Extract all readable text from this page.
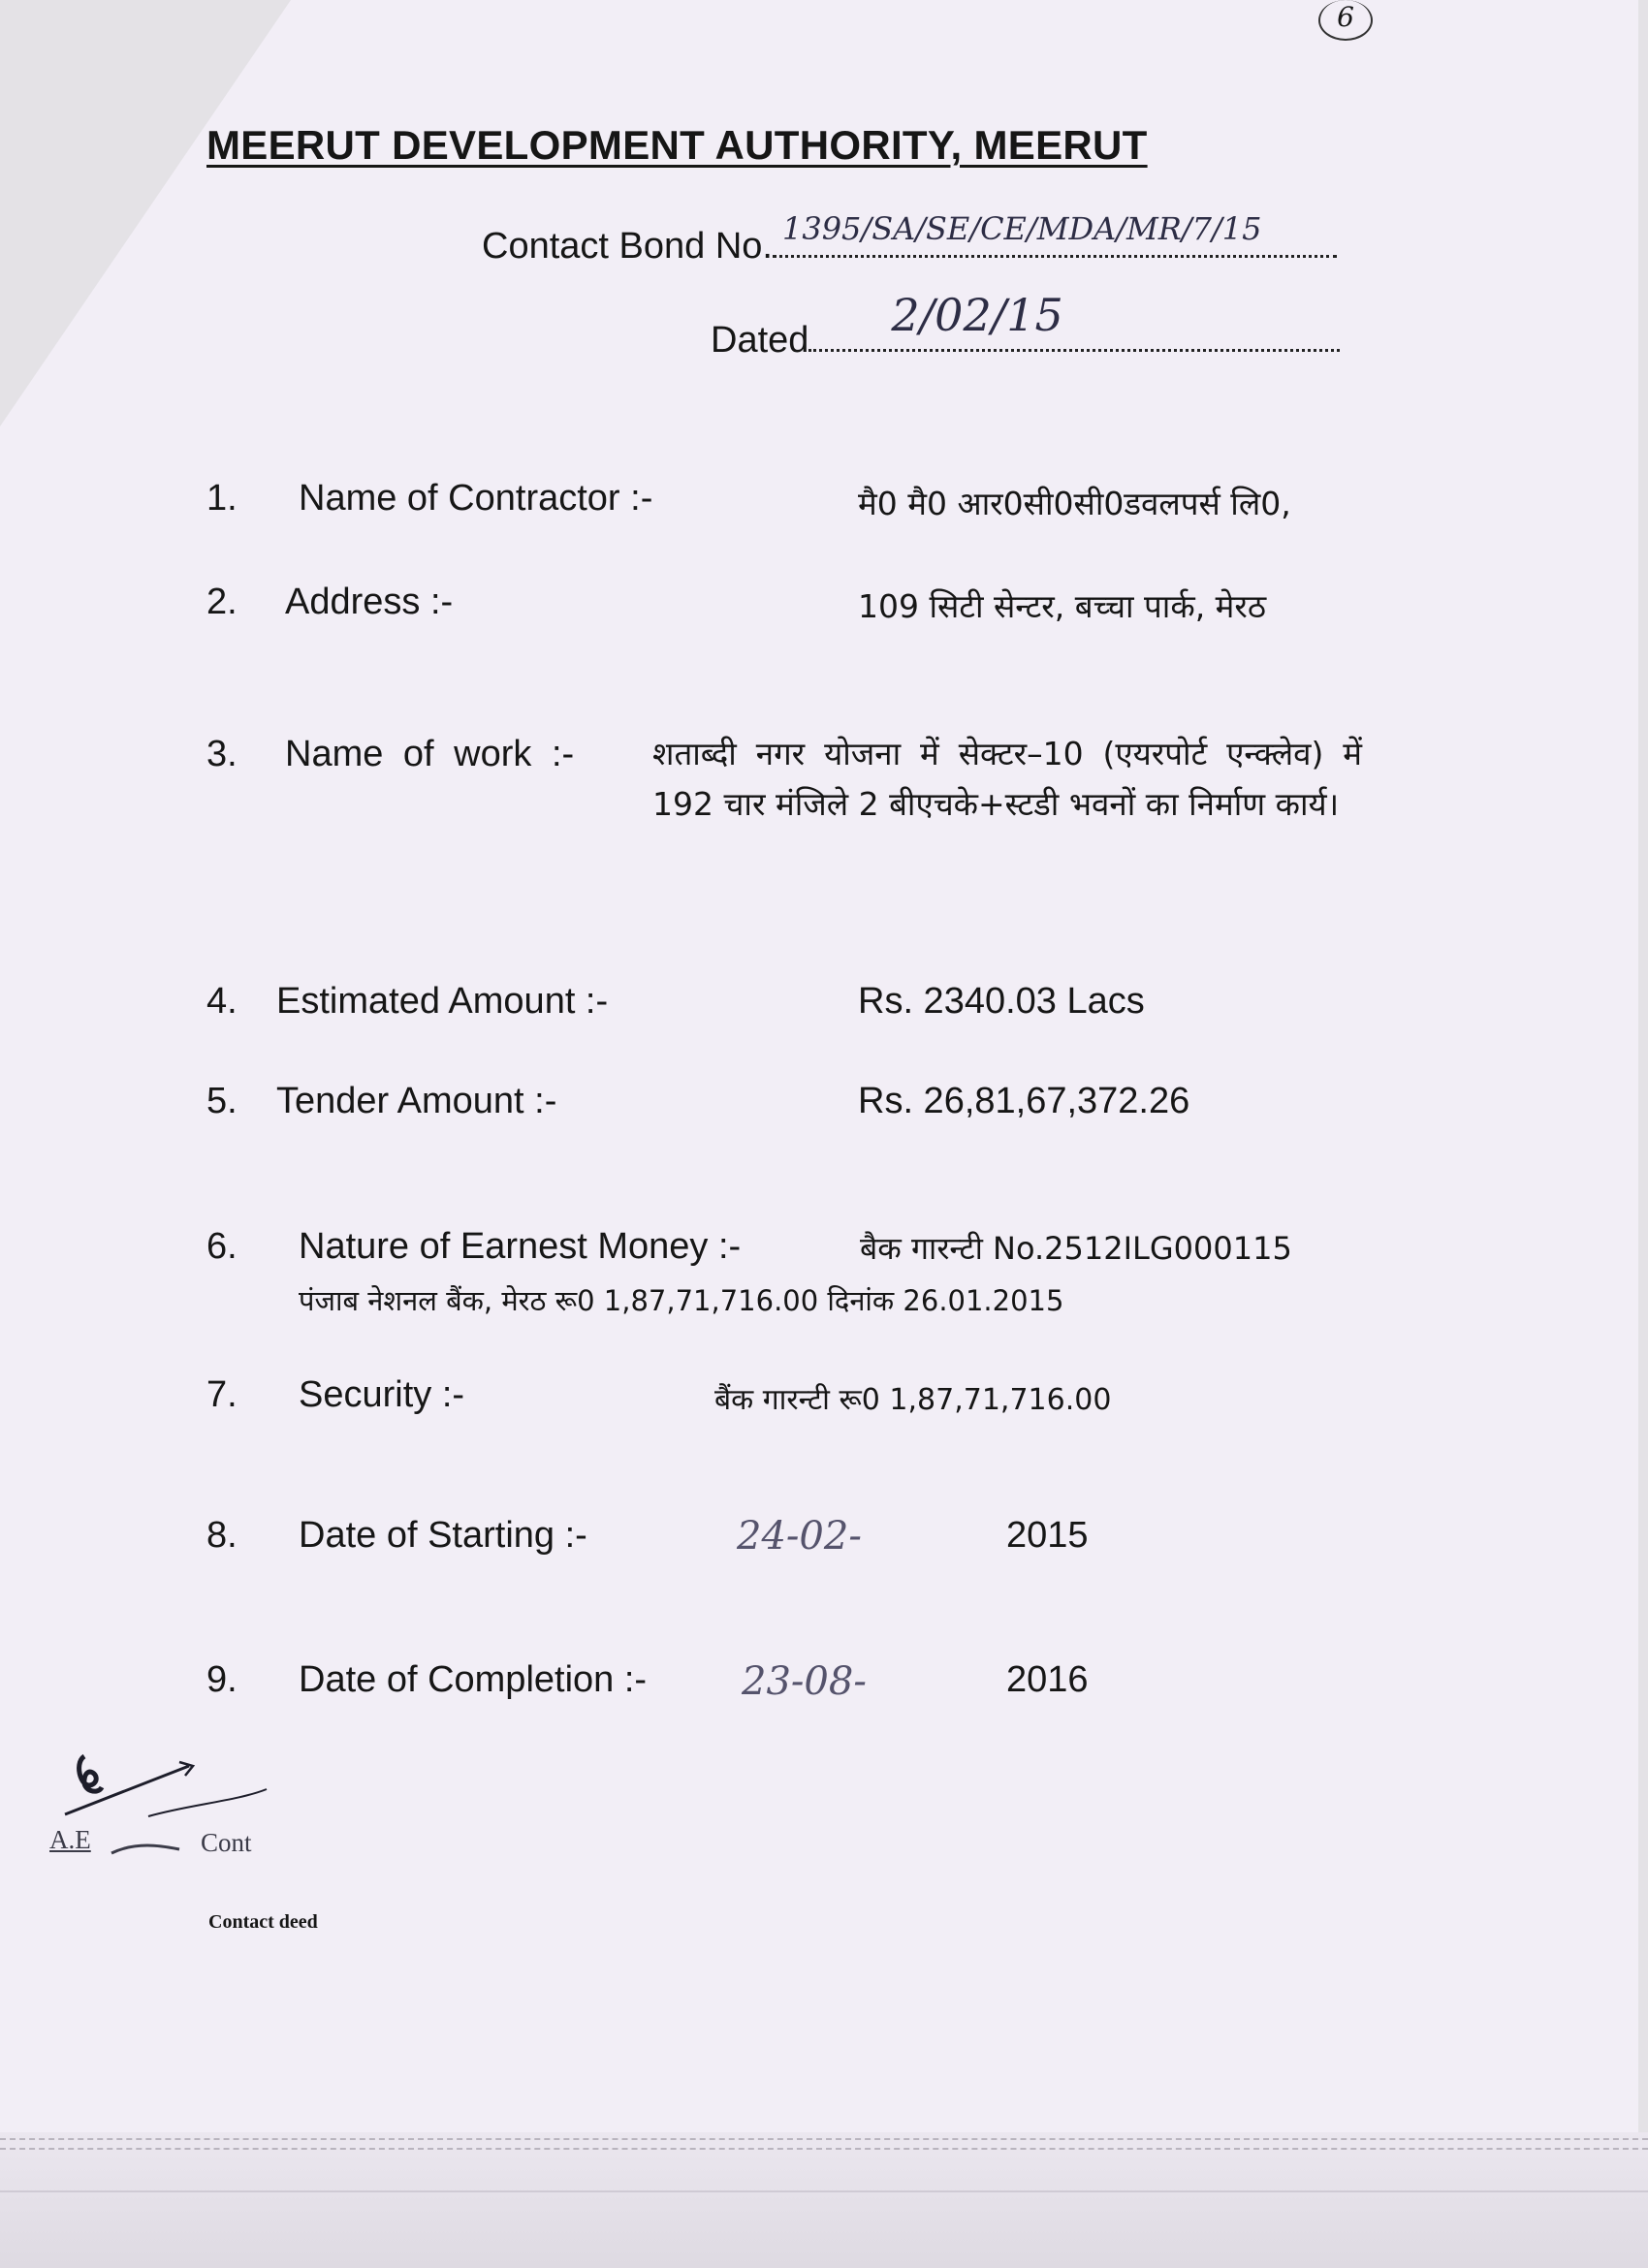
6
MEERUT DEVELOPMENT AUTHORITY, MEERUT
Contact Bond No. 1395/SA/SE/CE/MDA/MR/7/15
Dated 2/02/15
1. Name of Contractor :-	मै0 मै0 आर0सी0सी0डवलपर्स लि0,
2. Address :-	109 सिटी सेन्टर, बच्चा पार्क, मेरठ
3. Name of work :- शताब्दी नगर योजना में सेक्टर–10 (एयरपोर्ट एन्क्लेव) में 192 चार मंजिले 2 बीएचके+स्टडी भवनों का निर्माण कार्य।
4. Estimated Amount :-	Rs. 2340.03 Lacs
5. Tender Amount :-	Rs. 26,81,67,372.26
6. Nature of Earnest Money :-	बैक गारन्टी No.2512ILG000115
पंजाब नेशनल बैंक, मेरठ रू0 1,87,71,716.00 दिनांक 26.01.2015
7. Security :-	बैंक गारन्टी रू0 1,87,71,716.00
8. Date of Starting :-	24-02-	2015
9. Date of Completion :- 23-08-	2016
A.E	Cont
Contact deed
